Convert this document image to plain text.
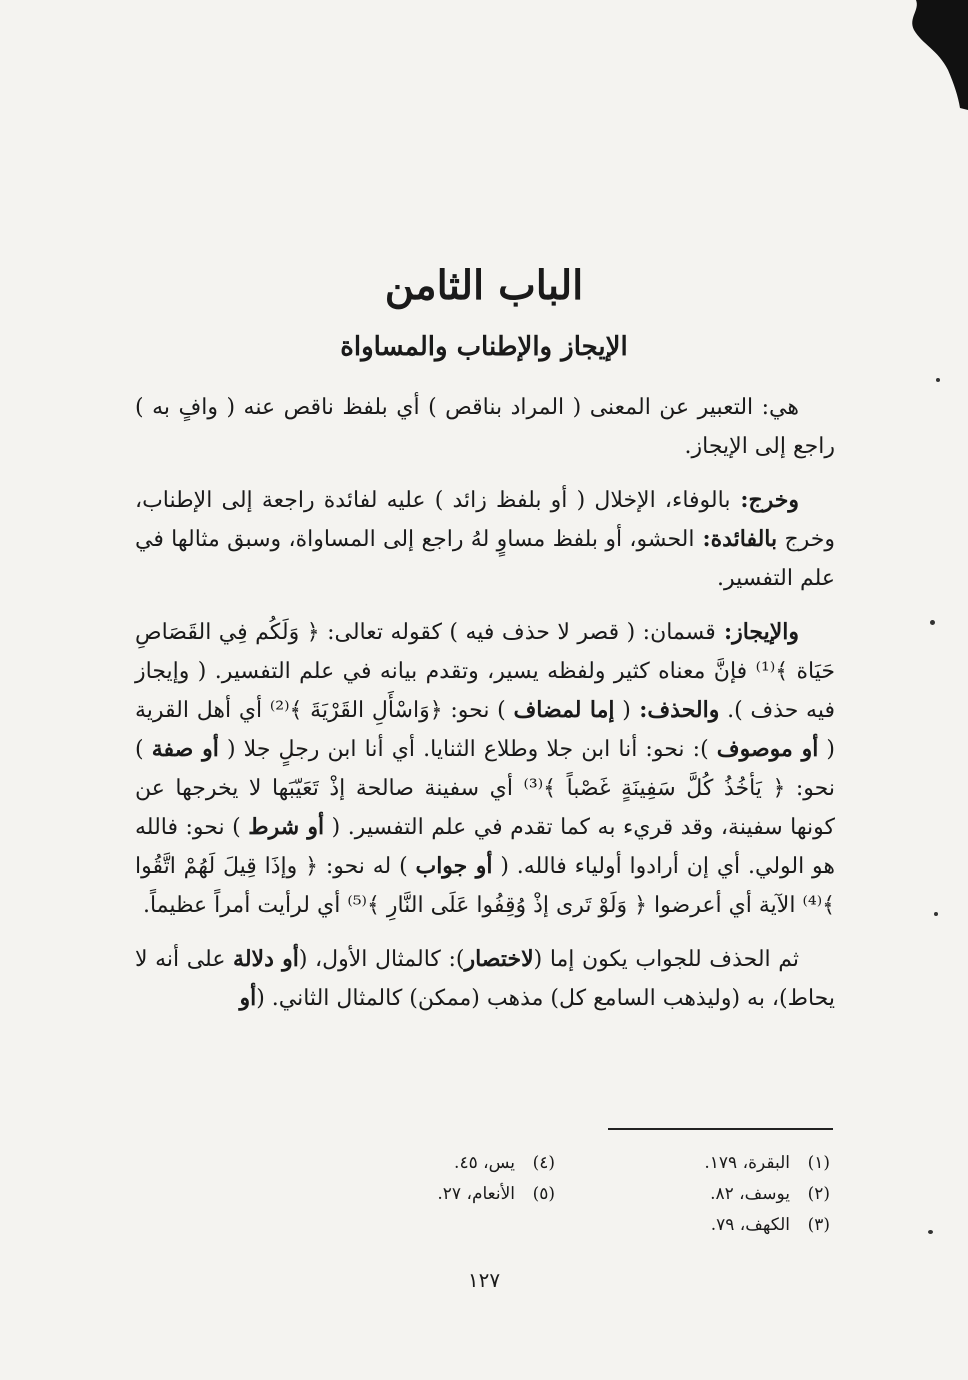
الباب الثامن
الإيجاز والإطناب والمساواة

هي: التعبير عن المعنى ( المراد بناقص ) أي بلفظ ناقص عنه ( وافٍ به ) راجع إلى الإيجاز.

وخرج: بالوفاء، الإخلال ( أو بلفظ زائد ) عليه لفائدة راجعة إلى الإطناب، وخرج بالفائدة: الحشو، أو بلفظ مساوٍ لهُ راجع إلى المساواة، وسبق مثالها في علم التفسير.

والإيجاز: قسمان: ( قصر لا حذف فيه ) كقوله تعالى: ﴿ وَلَكُم فِي القَصَاصِ حَيَاة ﴾⁽¹⁾ فإنَّ معناه كثير ولفظه يسير، وتقدم بيانه في علم التفسير. ( وإيجاز فيه حذف ). والحذف: ( إما لمضاف ) نحو: ﴿وَاسْأَلِ القَرْيَةَ ﴾⁽²⁾ أي أهل القرية ( أو موصوف ): نحو: أنا ابن جلا وطلاع الثنايا. أي أنا ابن رجلٍ جلا ( أو صفة ) نحو: ﴿ يَأخُذُ كُلَّ سَفِينَةٍ غَصْباً ﴾⁽³⁾ أي سفينة صالحة إذْ تَعَيّبَها لا يخرجها عن كونها سفينة، وقد قريء به كما تقدم في علم التفسير. ( أو شرط ) نحو: فالله هو الولي. أي إن أرادوا أولياء فالله. ( أو جواب ) له نحو: ﴿ وإذَا قِيلَ لَهُمْ اتَّقُوا ﴾⁽⁴⁾ الآية أي أعرضوا ﴿ وَلَوْ تَرى إذْ وُقِفُوا عَلَى النَّارِ ﴾⁽⁵⁾ أي لرأيت أمراً عظيماً.

ثم الحذف للجواب يكون إما (لاختصار): كالمثال الأول، (أو دلالة على أنه لا يحاط)، به (وليذهب السامع كل) مذهب (ممكن) كالمثال الثاني. (أو

(١)البقرة، ١٧٩.
(٤)يس، ٤٥.
(٢)يوسف، ٨٢.
(٥)الأنعام، ٢٧.
(٣)الكهف، ٧٩.
١٢٧
